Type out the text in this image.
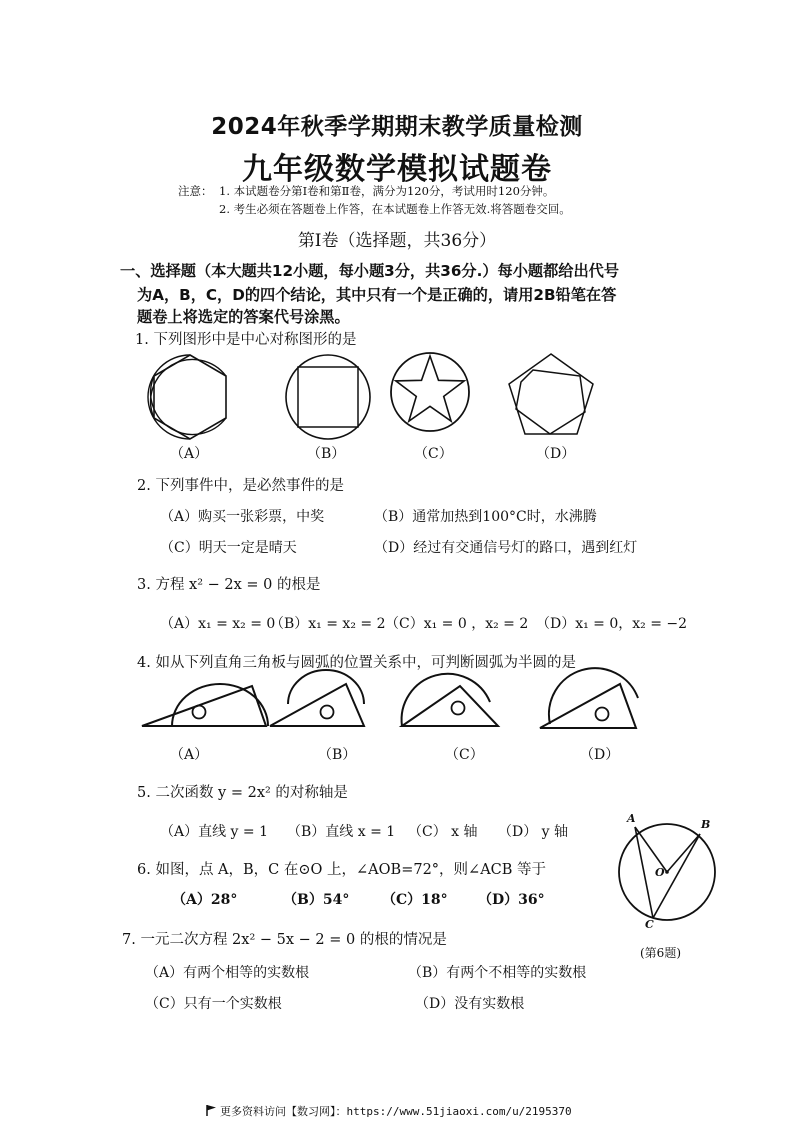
2024年秋季学期期末教学质量检测
九年级数学模拟试题卷
注意： 1. 本试题卷分第Ⅰ卷和第Ⅱ卷，满分为120分，考试用时120分钟。
2. 考生必须在答题卷上作答，在本试题卷上作答无效.将答题卷交回。
第Ⅰ卷（选择题，共36分）
一、选择题（本大题共12小题，每小题3分，共36分.）每小题都给出代号
为A，B，C，D的四个结论，其中只有一个是正确的，请用2B铅笔在答
题卷上将选定的答案代号涂黑。
1. 下列图形中是中心对称图形的是
（A）	（B）	（C）	（D）
2. 下列事件中，是必然事件的是
（A）购买一张彩票，中奖	（B）通常加热到100°C时，水沸腾
（C）明天一定是晴天	（D）经过有交通信号灯的路口，遇到红灯
3. 方程 x² − 2x = 0 的根是
（A）x₁ = x₂ = 0
（B）x₁ = x₂ = 2 （C）x₁ = 0 ，x₂ = 2 （D）x₁ = 0，x₂ = −2
4. 如从下列直角三角板与圆弧的位置关系中，可判断圆弧为半圆的是
（A）	（B）	（C）	（D）
5. 二次函数 y = 2x² 的对称轴是
（A）直线 y = 1 （B）直线 x = 1 （C） x 轴 （D） y 轴
6. 如图，点 A，B，C 在⊙O 上，∠AOB=72°，则∠ACB 等于
（A）28°	（B）54° （C）18° （D）36°
A	B
O
C
(第6题)
7. 一元二次方程 2x² − 5x − 2 = 0 的根的情况是
（A）有两个相等的实数根	（B）有两个不相等的实数根
（C）只有一个实数根	（D）没有实数根
更多资料访问【数习网】：https://www.51jiaoxi.com/u/2195370
